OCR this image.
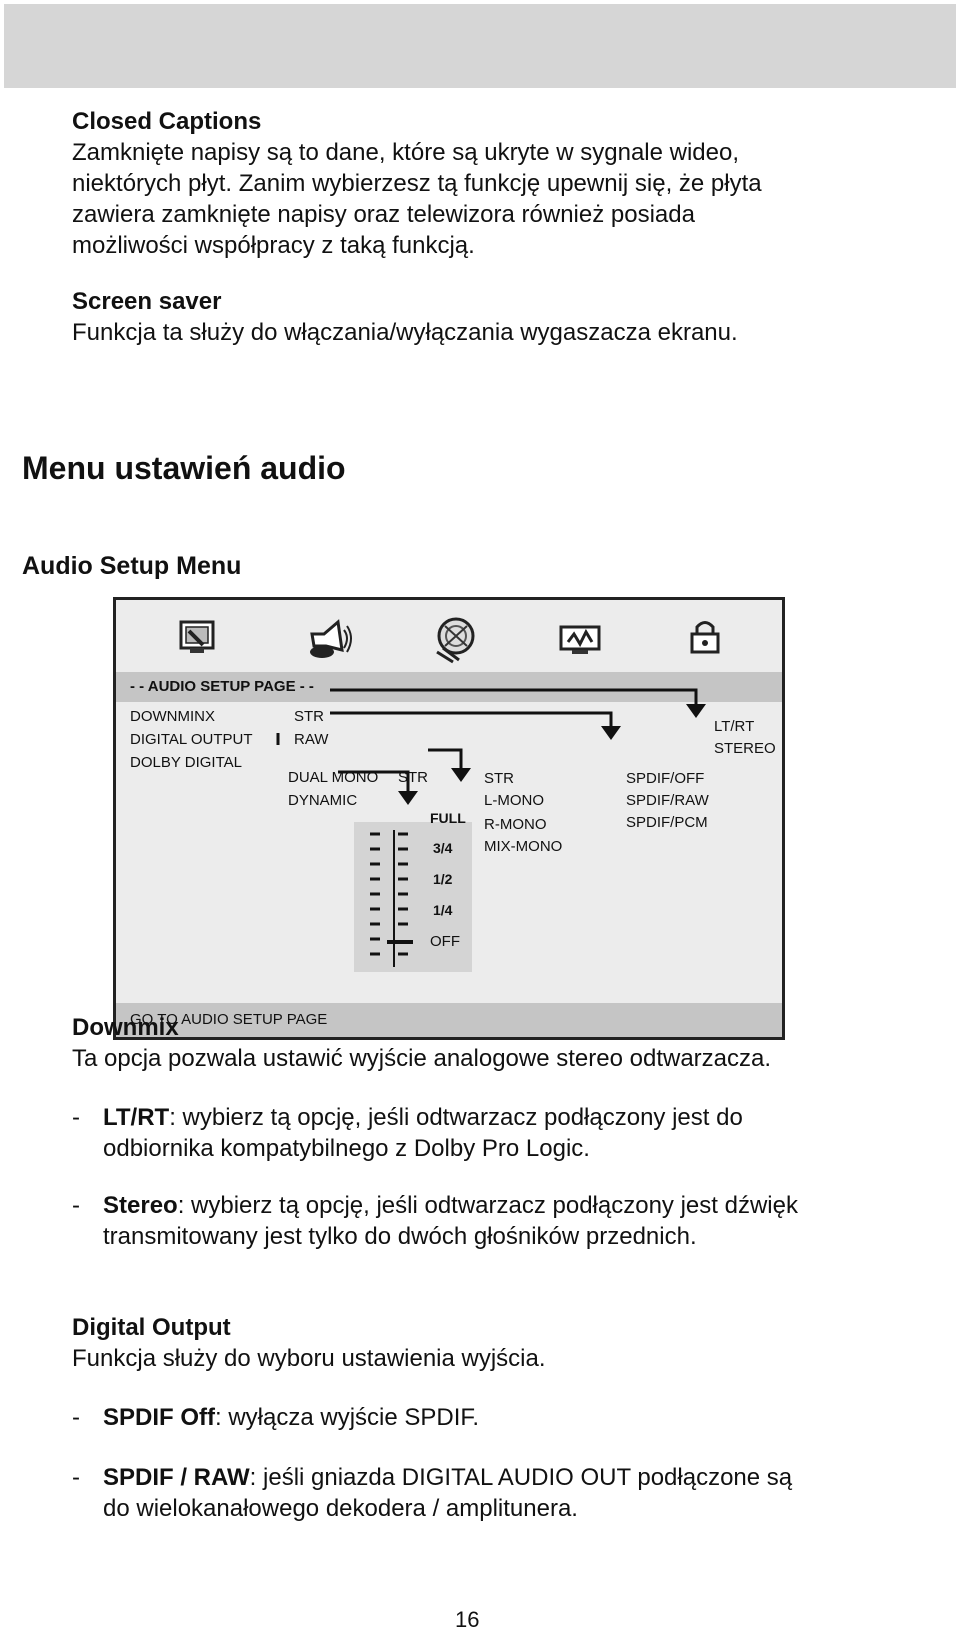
Closed Captions
Zamknięte napisy są to dane, które są ukryte w sygnale wideo,
niektórych płyt. Zanim wybierzesz tą funkcję upewnij się, że płyta
zawiera zamknięte napisy oraz telewizora również posiada
możliwości współpracy z taką funkcją.
Screen saver
Funkcja ta służy do włączania/wyłączania wygaszacza ekranu.
Menu ustawień audio
Audio Setup Menu
- - AUDIO SETUP PAGE - -
DOWNMINX
DIGITAL OUTPUT
DOLBY DIGITAL
STR
RAW
LT/RT
STEREO
SPDIF/OFF
SPDIF/RAW
SPDIF/PCM
DUAL MONO
DYNAMIC
STR	STR
L-MONO
R-MONO
MIX-MONO
FULL
3/4
1/2
1/4
OFF
GO TO AUDIO SETUP PAGE
Downmix
Ta opcja pozwala ustawić wyjście analogowe stereo odtwarzacza.
- LT/RT: wybierz tą opcję, jeśli odtwarzacz podłączony jest do
odbiornika kompatybilnego z Dolby Pro Logic.
- Stereo: wybierz tą opcję, jeśli odtwarzacz podłączony jest dźwięk
transmitowany jest tylko do dwóch głośników przednich.
Digital Output
Funkcja służy do wyboru ustawienia wyjścia.
- SPDIF Off: wyłącza wyjście SPDIF.
- SPDIF / RAW: jeśli gniazda DIGITAL AUDIO OUT podłączone są
do wielokanałowego dekodera / amplitunera.
16
